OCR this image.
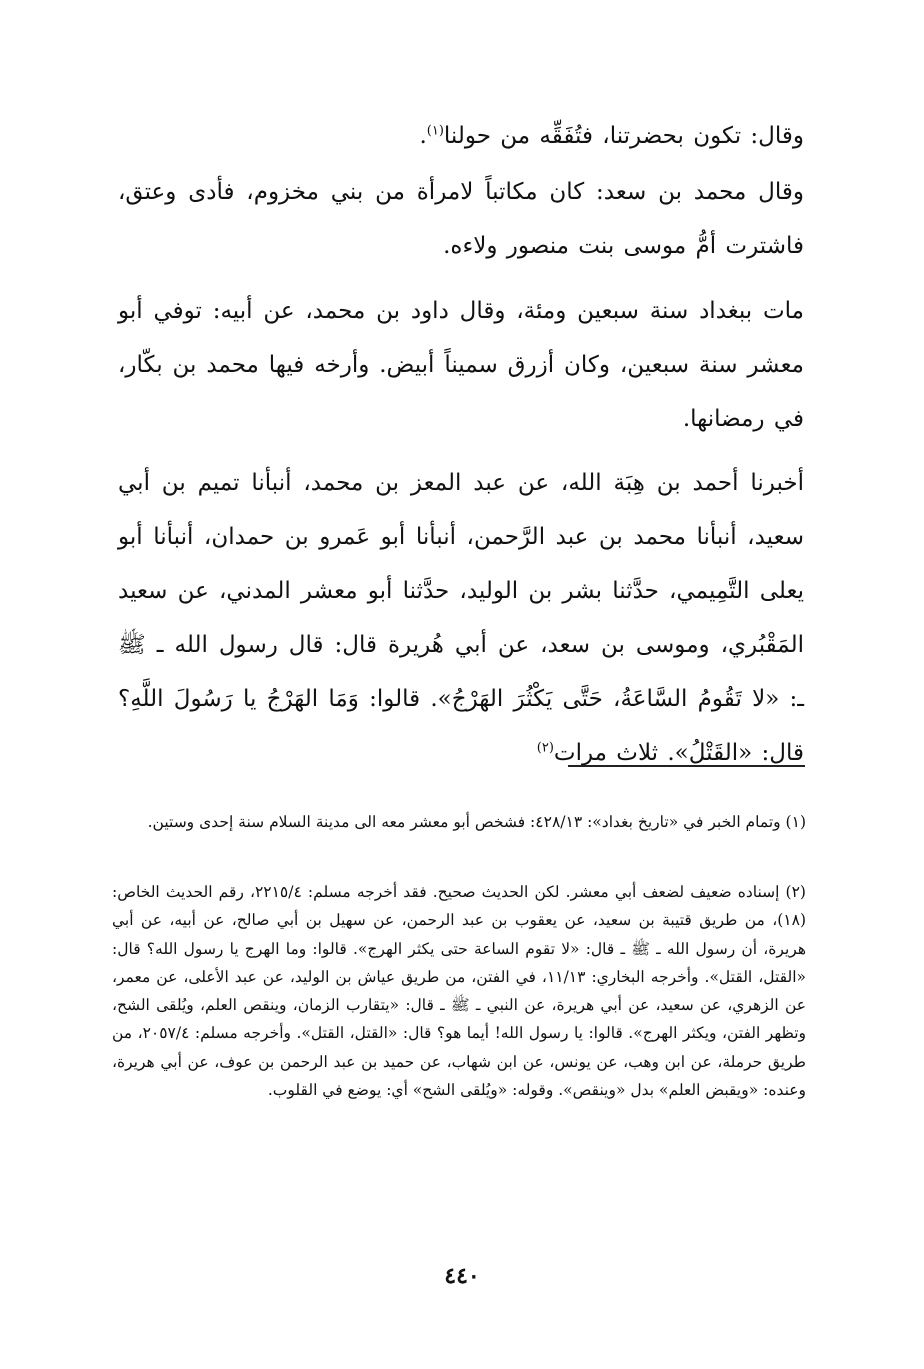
وقال: تكون بحضرتنا، فتُفَقِّه من حولنا$^{(١)}$.

وقال محمد بن سعد: كان مكاتباً لامرأة من بني مخزوم، فأدى وعتق، فاشترت أمُّ موسى بنت منصور ولاءه.

مات ببغداد سنة سبعين ومئة، وقال داود بن محمد، عن أبيه: توفي أبو معشر سنة سبعين، وكان أزرق سميناً أبيض. وأرخه فيها محمد بن بكّار، في رمضانها.

أخبرنا أحمد بن هِبَة الله، عن عبد المعز بن محمد، أنبأنا تميم بن أبي سعيد، أنبأنا محمد بن عبد الرَّحمن، أنبأنا أبو عَمرو بن حمدان، أنبأنا أبو يعلى التَّمِيمي، حدَّثنا بشر بن الوليد، حدَّثنا أبو معشر المدني، عن سعيد المَقْبُري، وموسى بن سعد، عن أبي هُريرة قال: قال رسول الله ـ ﷺ ـ: «لا تَقُومُ السَّاعَةُ، حَتَّى يَكْثُرَ الهَرْجُ». قالوا: وَمَا الهَرْجُ يا رَسُولَ اللَّهِ؟ قال: «القَتْلُ». ثلاث مرات$^{(٢)}$

(١) وتمام الخبر في «تاريخ بغداد»: ٤٢٨/١٣: فشخص أبو معشر معه الى مدينة السلام سنة إحدى وستين.

(٢) إسناده ضعيف لضعف أبي معشر. لكن الحديث صحيح. فقد أخرجه مسلم: ٢٢١٥/٤، رقم الحديث الخاص: (١٨)، من طريق قتيبة بن سعيد، عن يعقوب بن عبد الرحمن، عن سهيل بن أبي صالح، عن أبيه، عن أبي هريرة، أن رسول الله ـ ﷺ ـ قال: «لا تقوم الساعة حتى يكثر الهرج». قالوا: وما الهرج يا رسول الله؟ قال: «القتل، القتل». وأخرجه البخاري: ١١/١٣، في الفتن، من طريق عياش بن الوليد، عن عبد الأعلى، عن معمر، عن الزهري، عن سعيد، عن أبي هريرة، عن النبي ـ ﷺ ـ قال: «يتقارب الزمان، وينقص العلم، ويُلقى الشح، وتظهر الفتن، ويكثر الهرج». قالوا: يا رسول الله! أيما هو؟ قال: «القتل، القتل». وأخرجه مسلم: ٢٠٥٧/٤، من طريق حرملة، عن ابن وهب، عن يونس، عن ابن شهاب، عن حميد بن عبد الرحمن بن عوف، عن أبي هريرة، وعنده: «ويقبض العلم» بدل «وينقص». وقوله: «ويُلقى الشح» أي: يوضع في القلوب.

٤٤٠
